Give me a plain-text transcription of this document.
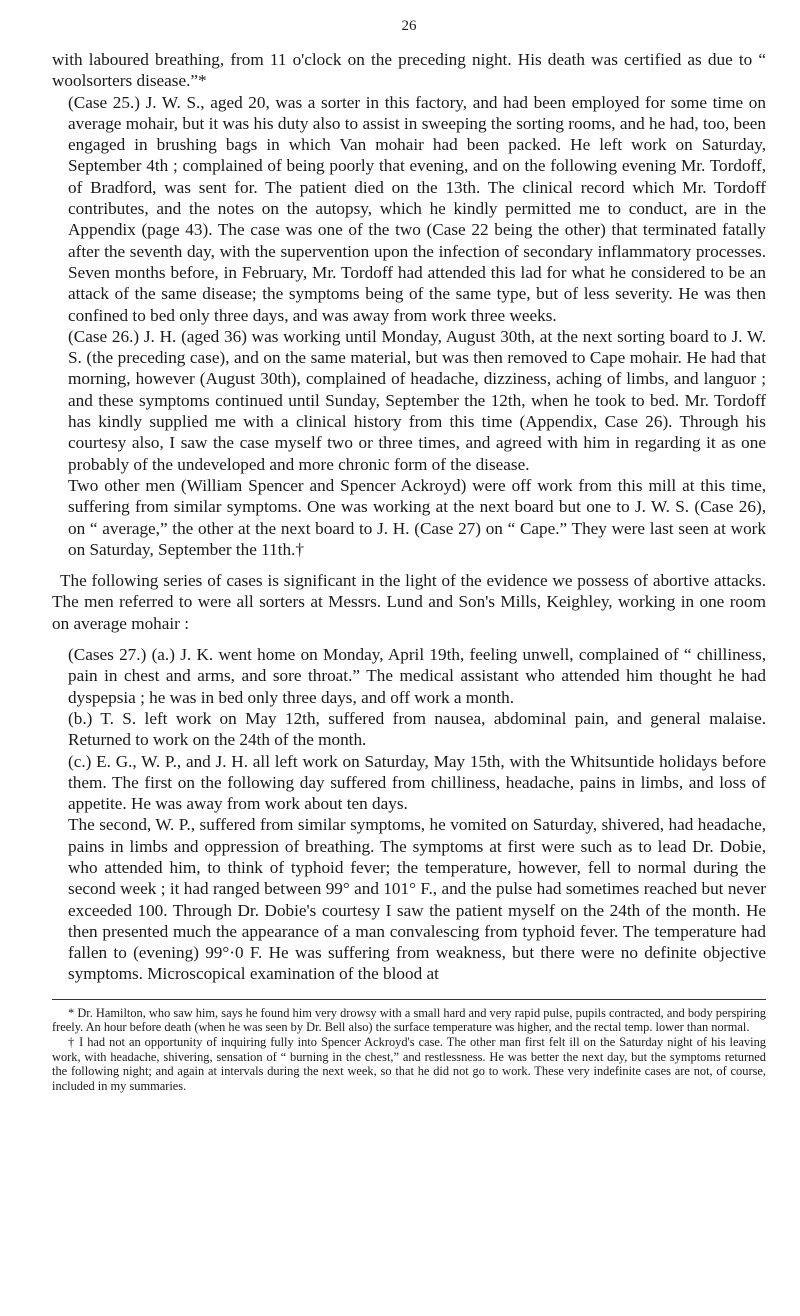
26

with laboured breathing, from 11 o'clock on the preceding night. His death was certified as due to “ woolsorters disease.”*

(Case 25.) J. W. S., aged 20, was a sorter in this factory, and had been employed for some time on average mohair, but it was his duty also to assist in sweeping the sorting rooms, and he had, too, been engaged in brushing bags in which Van mohair had been packed. He left work on Saturday, September 4th ; complained of being poorly that evening, and on the following evening Mr. Tordoff, of Bradford, was sent for. The patient died on the 13th. The clinical record which Mr. Tordoff contributes, and the notes on the autopsy, which he kindly permitted me to conduct, are in the Appendix (page 43). The case was one of the two (Case 22 being the other) that terminated fatally after the seventh day, with the supervention upon the infection of secondary inflammatory processes. Seven months before, in February, Mr. Tordoff had attended this lad for what he considered to be an attack of the same disease; the symptoms being of the same type, but of less severity. He was then confined to bed only three days, and was away from work three weeks.

(Case 26.) J. H. (aged 36) was working until Monday, August 30th, at the next sorting board to J. W. S. (the preceding case), and on the same material, but was then removed to Cape mohair. He had that morning, however (August 30th), complained of headache, dizziness, aching of limbs, and languor ; and these symptoms continued until Sunday, September the 12th, when he took to bed. Mr. Tordoff has kindly supplied me with a clinical history from this time (Appendix, Case 26). Through his courtesy also, I saw the case myself two or three times, and agreed with him in regarding it as one probably of the undeveloped and more chronic form of the disease.

Two other men (William Spencer and Spencer Ackroyd) were off work from this mill at this time, suffering from similar symptoms. One was working at the next board but one to J. W. S. (Case 26), on “ average,” the other at the next board to J. H. (Case 27) on “ Cape.” They were last seen at work on Saturday, September the 11th.†

The following series of cases is significant in the light of the evidence we possess of abortive attacks. The men referred to were all sorters at Messrs. Lund and Son's Mills, Keighley, working in one room on average mohair :

(Cases 27.) (a.) J. K. went home on Monday, April 19th, feeling unwell, complained of “ chilliness, pain in chest and arms, and sore throat.” The medical assistant who attended him thought he had dyspepsia ; he was in bed only three days, and off work a month.

(b.) T. S. left work on May 12th, suffered from nausea, abdominal pain, and general malaise. Returned to work on the 24th of the month.

(c.) E. G., W. P., and J. H. all left work on Saturday, May 15th, with the Whitsuntide holidays before them. The first on the following day suffered from chilliness, headache, pains in limbs, and loss of appetite. He was away from work about ten days.

The second, W. P., suffered from similar symptoms, he vomited on Saturday, shivered, had headache, pains in limbs and oppression of breathing. The symptoms at first were such as to lead Dr. Dobie, who attended him, to think of typhoid fever; the temperature, however, fell to normal during the second week ; it had ranged between 99° and 101° F., and the pulse had sometimes reached but never exceeded 100. Through Dr. Dobie's courtesy I saw the patient myself on the 24th of the month. He then presented much the appearance of a man convalescing from typhoid fever. The temperature had fallen to (evening) 99°·0 F. He was suffering from weakness, but there were no definite objective symptoms. Microscopical examination of the blood at

* Dr. Hamilton, who saw him, says he found him very drowsy with a small hard and very rapid pulse, pupils contracted, and body perspiring freely. An hour before death (when he was seen by Dr. Bell also) the surface temperature was higher, and the rectal temp. lower than normal.

† I had not an opportunity of inquiring fully into Spencer Ackroyd's case. The other man first felt ill on the Saturday night of his leaving work, with headache, shivering, sensation of “ burning in the chest,” and restlessness. He was better the next day, but the symptoms returned the following night; and again at intervals during the next week, so that he did not go to work. These very indefinite cases are not, of course, included in my summaries.
